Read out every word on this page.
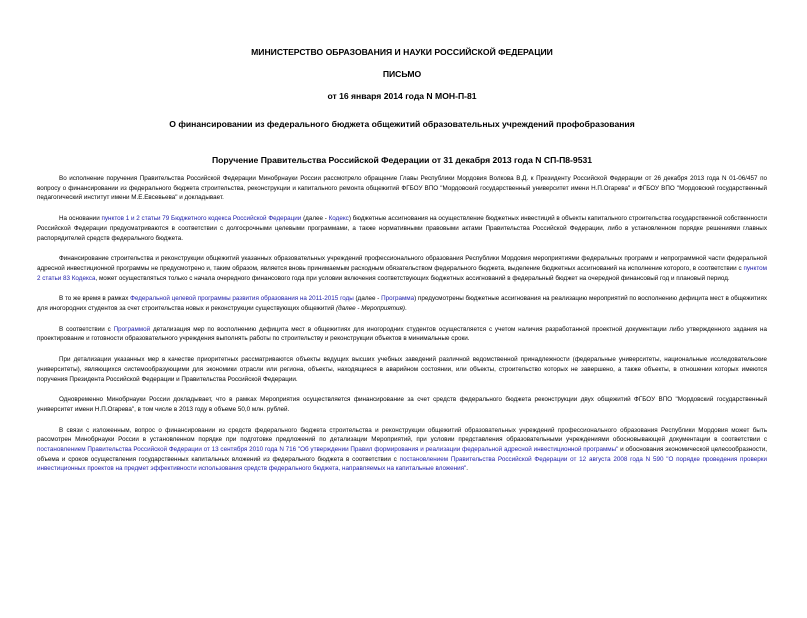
МИНИСТЕРСТВО ОБРАЗОВАНИЯ И НАУКИ РОССИЙСКОЙ ФЕДЕРАЦИИ
ПИСЬМО
от 16 января 2014 года N МОН-П-81
О финансировании из федерального бюджета общежитий образовательных учреждений профобразования
Поручение Правительства Российской Федерации от 31 декабря 2013 года N СП-П8-9531

Во исполнение поручения Правительства Российской Федерации Минобрнауки России рассмотрело обращение Главы Республики Мордовия Волкова В.Д. к Президенту Российской Федерации от 26 декабря 2013 года N 01-06/457 по вопросу о финансировании из федерального бюджета строительства, реконструкции и капитального ремонта общежитий ФГБОУ ВПО "Мордовский государственный университет имени Н.П.Огарева" и ФГБОУ ВПО "Мордовский государственный педагогический институт имени М.Е.Евсевьева" и докладывает.

На основании пунктов 1 и 2 статьи 79 Бюджетного кодекса Российской Федерации (далее - Кодекс) бюджетные ассигнования на осуществление бюджетных инвестиций в объекты капитального строительства государственной собственности Российской Федерации предусматриваются в соответствии с долгосрочными целевыми программами, а также нормативными правовыми актами Правительства Российской Федерации, либо в установленном порядке решениями главных распорядителей средств федерального бюджета.

Финансирование строительства и реконструкции общежитий указанных образовательных учреждений профессионального образования Республики Мордовия мероприятиями федеральных программ и непрограммной части федеральной адресной инвестиционной программы не предусмотрено и, таким образом, является вновь принимаемым расходным обязательством федерального бюджета, выделение бюджетных ассигнований на исполнение которого, в соответствии с пунктом 2 статьи 83 Кодекса, может осуществляться только с начала очередного финансового года при условии включения соответствующих бюджетных ассигнований в федеральный бюджет на очередной финансовый год и плановый период.

В то же время в рамках Федеральной целевой программы развития образования на 2011-2015 годы (далее - Программа) предусмотрены бюджетные ассигнования на реализацию мероприятий по восполнению дефицита мест в общежитиях для иногородних студентов за счет строительства новых и реконструкции существующих общежитий (далее - Мероприятия).

В соответствии с Программой детализация мер по восполнению дефицита мест в общежитиях для иногородних студентов осуществляется с учетом наличия разработанной проектной документации либо утвержденного задания на проектирование и готовности образовательного учреждения выполнять работы по строительству и реконструкции объектов в минимальные сроки.

При детализации указанных мер в качестве приоритетных рассматриваются объекты ведущих высших учебных заведений различной ведомственной принадлежности (федеральные университеты, национальные исследовательские университеты), являющихся системообразующими для экономики отрасли или региона, объекты, находящиеся в аварийном состоянии, или объекты, строительство которых не завершено, а также объекты, в отношении которых имеются поручения Президента Российской Федерации и Правительства Российской Федерации.

Одновременно Минобрнауки России докладывает, что в рамках Мероприятия осуществляется финансирование за счет средств федерального бюджета реконструкции двух общежитий ФГБОУ ВПО "Мордовский государственный университет имени Н.П.Огарева", в том числе в 2013 году в объеме 50,0 млн. рублей.

В связи с изложенным, вопрос о финансировании из средств федерального бюджета строительства и реконструкции общежитий образовательных учреждений профессионального образования Республики Мордовия может быть рассмотрен Минобрнауки России в установленном порядке при подготовке предложений по детализации Мероприятий, при условии представления образовательными учреждениями обосновывающей документации в соответствии с постановлением Правительства Российской Федерации от 13 сентября 2010 года N 716 "Об утверждении Правил формирования и реализации федеральной адресной инвестиционной программы" и обоснования экономической целесообразности, объема и сроков осуществления государственных капитальных вложений из федерального бюджета в соответствии с постановлением Правительства Российской Федерации от 12 августа 2008 года N 590 "О порядке проведения проверки инвестиционных проектов на предмет эффективности использования средств федерального бюджета, направляемых на капитальные вложения".
